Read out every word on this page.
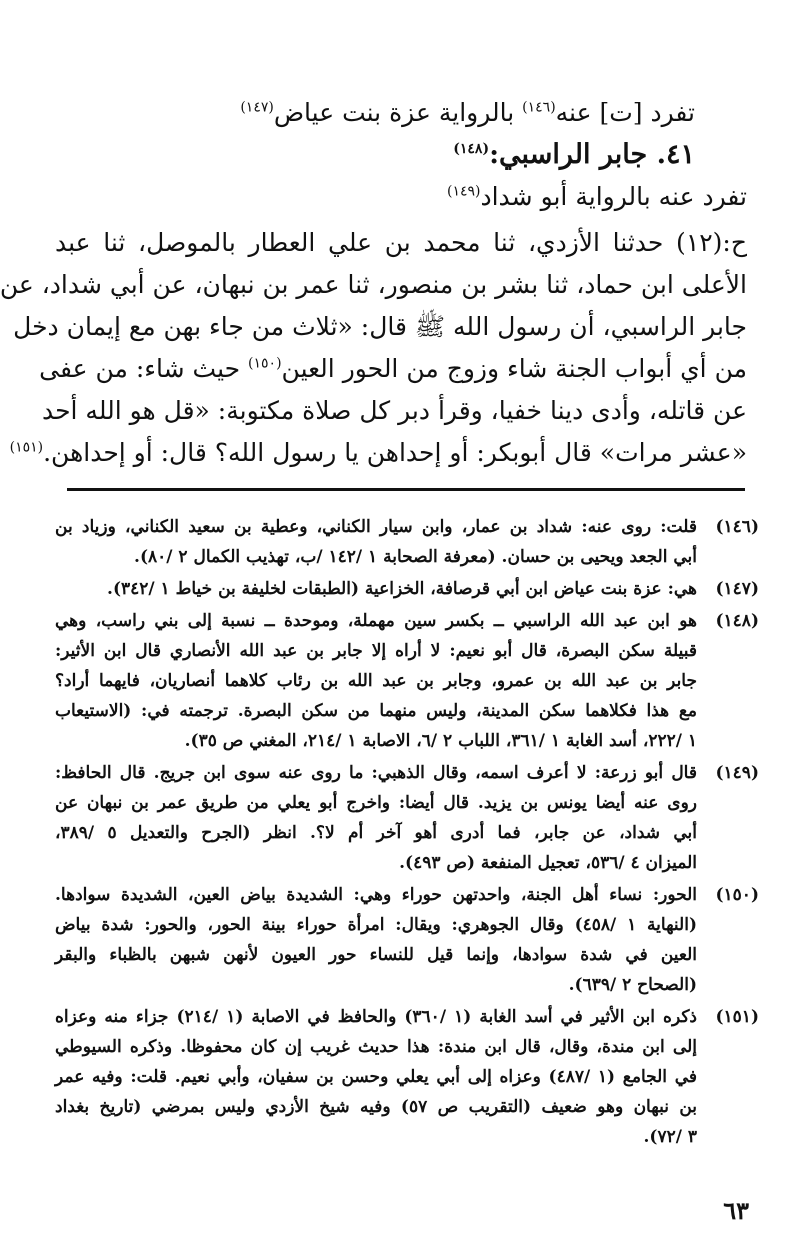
تفرد [ت] عنه$^{(١٤٦)}$ بالرواية عزة بنت عياض$^{(١٤٧)}$

٤١. جابر الراسبي:$^{(١٤٨)}$

تفرد عنه بالرواية أبو شداد$^{(١٤٩)}$

ح:(١٢) حدثنا الأزدي، ثنا محمد بن علي العطار بالموصل، ثنا عبد

الأعلى ابن حماد، ثنا بشر بن منصور، ثنا عمر بن نبهان، عن أبي شداد، عن

جابر الراسبي، أن رسول الله ﷺ قال: «ثلاث من جاء بهن مع إيمان دخل

من أي أبواب الجنة شاء وزوج من الحور العين$^{(١٥٠)}$ حيث شاء: من عفى

عن قاتله، وأدى دينا خفيا، وقرأ دبر كل صلاة مكتوبة: «قل هو الله أحد

«عشر مرات» قال أبوبكر: أو إحداهن يا رسول الله؟ قال: أو إحداهن.$^{(١٥١)}$

(١٤٦)

قلت: روى عنه: شداد بن عمار، وابن سيار الكناني، وعطية بن سعيد الكناني، وزياد بن

أبي الجعد ويحيى بن حسان. (معرفة الصحابة ١ /١٤٢ /ب، تهذيب الكمال ٢ /٨٠).

(١٤٧)

هي: عزة بنت عياض ابن أبي قرصافة، الخزاعية (الطبقات لخليفة بن خياط ١ /٣٤٢).

(١٤٨)

هو ابن عبد الله الراسبي ــ بكسر سين مهملة، وموحدة ــ نسبة إلى بني راسب، وهي

قبيلة سكن البصرة، قال أبو نعيم: لا أراه إلا جابر بن عبد الله الأنصاري قال ابن الأثير:

جابر بن عبد الله بن عمرو، وجابر بن عبد الله بن رئاب كلاهما أنصاريان، فايهما أراد؟

مع هذا فكلاهما سكن المدينة، وليس منهما من سكن البصرة. ترجمته في: (الاستيعاب

١ /٢٢٢، أسد الغابة ١ /٣٦١، اللباب ٢ /٦، الاصابة ١ /٢١٤، المغني ص ٣٥).

(١٤٩)

قال أبو زرعة: لا أعرف اسمه، وقال الذهبي: ما روى عنه سوى ابن جريج. قال الحافظ:

روى عنه أيضا يونس بن يزيد. قال أيضا: واخرج أبو يعلي من طريق عمر بن نبهان عن

أبي شداد، عن جابر، فما أدرى أهو آخر أم لا؟. انظر (الجرح والتعديل ٥ /٣٨٩،

الميزان ٤ /٥٣٦، تعجيل المنفعة (ص ٤٩٣).

(١٥٠)

الحور: نساء أهل الجنة، واحدتهن حوراء وهي: الشديدة بياض العين، الشديدة سوادها.

(النهاية ١ /٤٥٨) وقال الجوهري: ويقال: امرأة حوراء بينة الحور، والحور: شدة بياض

العين في شدة سوادها، وإنما قيل للنساء حور العيون لأنهن شبهن بالظباء والبقر

(الصحاح ٢ /٦٣٩).

(١٥١)

ذكره ابن الأثير في أسد الغابة (١ /٣٦٠) والحافظ في الاصابة (١ /٢١٤) جزاء منه وعزاه

إلى ابن مندة، وقال، قال ابن مندة: هذا حديث غريب إن كان محفوظا. وذكره السيوطي

في الجامع (١ /٤٨٧) وعزاه إلى أبي يعلي وحسن بن سفيان، وأبي نعيم. قلت: وفيه عمر

بن نبهان وهو ضعيف (التقريب ص ٥٧) وفيه شيخ الأزدي وليس بمرضي (تاريخ بغداد

٣ /٧٢).

٦٣
